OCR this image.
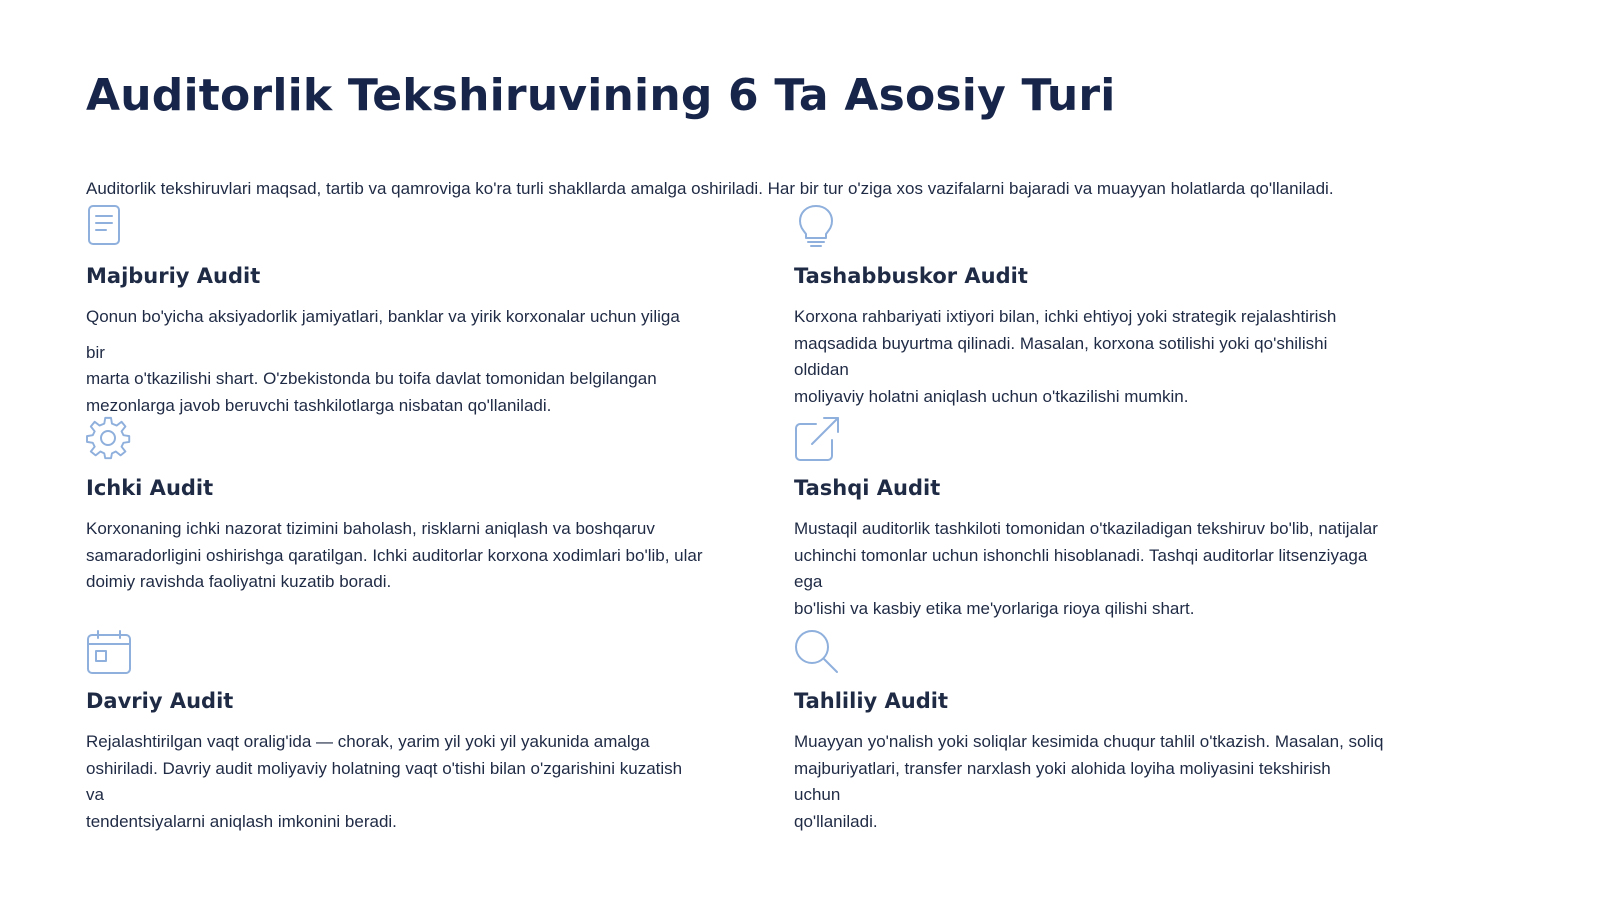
Auditorlik Tekshiruvining 6 Ta Asosiy Turi

Auditorlik tekshiruvlari maqsad, tartib va qamroviga ko'ra turli shakllarda amalga oshiriladi. Har bir tur o'ziga xos vazifalarni bajaradi va muayyan holatlarda qo'llaniladi.

Majburiy Audit
Qonun bo'yicha aksiyadorlik jamiyatlari, banklar va yirik korxonalar uchun yiliga
bir
marta o'tkazilishi shart. O'zbekistonda bu toifa davlat tomonidan belgilangan
mezonlarga javob beruvchi tashkilotlarga nisbatan qo'llaniladi.
Tashabbuskor Audit
Korxona rahbariyati ixtiyori bilan, ichki ehtiyoj yoki strategik rejalashtirish
maqsadida buyurtma qilinadi. Masalan, korxona sotilishi yoki qo'shilishi
oldidan
moliyaviy holatni aniqlash uchun o'tkazilishi mumkin.
Ichki Audit
Korxonaning ichki nazorat tizimini baholash, risklarni aniqlash va boshqaruv
samaradorligini oshirishga qaratilgan. Ichki auditorlar korxona xodimlari bo'lib, ular
doimiy ravishda faoliyatni kuzatib boradi.
Tashqi Audit
Mustaqil auditorlik tashkiloti tomonidan o'tkaziladigan tekshiruv bo'lib, natijalar
uchinchi tomonlar uchun ishonchli hisoblanadi. Tashqi auditorlar litsenziyaga
ega
bo'lishi va kasbiy etika me'yorlariga rioya qilishi shart.
Davriy Audit
Rejalashtirilgan vaqt oralig'ida — chorak, yarim yil yoki yil yakunida amalga
oshiriladi. Davriy audit moliyaviy holatning vaqt o'tishi bilan o'zgarishini kuzatish
va
tendentsiyalarni aniqlash imkonini beradi.
Tahliliy Audit
Muayyan yo'nalish yoki soliqlar kesimida chuqur tahlil o'tkazish. Masalan, soliq
majburiyatlari, transfer narxlash yoki alohida loyiha moliyasini tekshirish
uchun
qo'llaniladi.
